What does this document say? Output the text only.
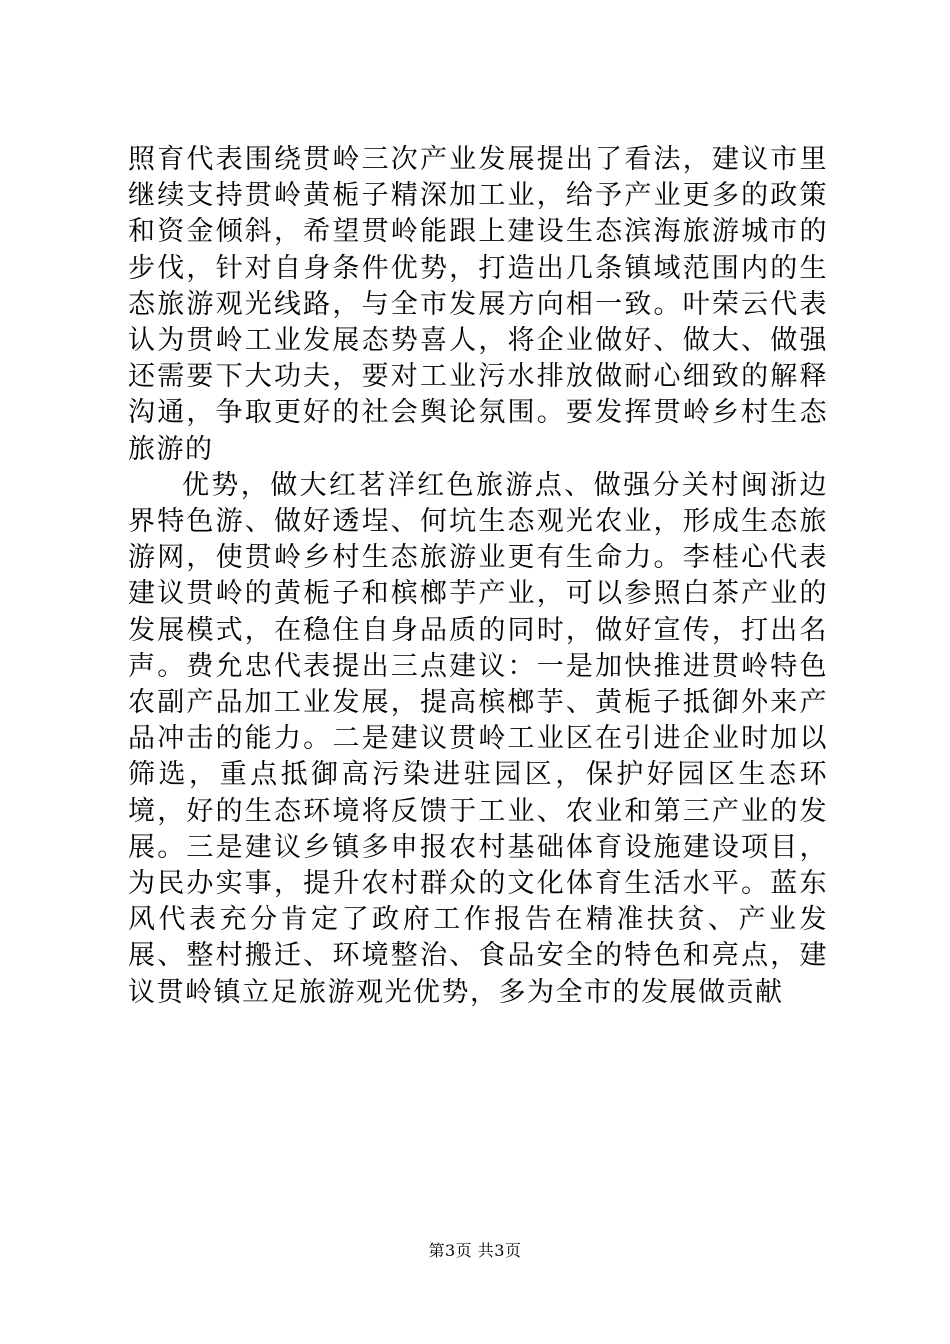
照育代表围绕贯岭三次产业发展提出了看法，建议市里继续支持贯岭黄栀子精深加工业，给予产业更多的政策和资金倾斜，希望贯岭能跟上建设生态滨海旅游城市的步伐，针对自身条件优势，打造出几条镇域范围内的生态旅游观光线路，与全市发展方向相一致。叶荣云代表认为贯岭工业发展态势喜人，将企业做好、做大、做强还需要下大功夫，要对工业污水排放做耐心细致的解释沟通，争取更好的社会舆论氛围。要发挥贯岭乡村生态旅游的

优势，做大红茗洋红色旅游点、做强分关村闽浙边界特色游、做好透埕、何坑生态观光农业，形成生态旅游网，使贯岭乡村生态旅游业更有生命力。李桂心代表建议贯岭的黄栀子和槟榔芋产业，可以参照白茶产业的发展模式，在稳住自身品质的同时，做好宣传，打出名声。费允忠代表提出三点建议：一是加快推进贯岭特色农副产品加工业发展，提高槟榔芋、黄栀子抵御外来产品冲击的能力。二是建议贯岭工业区在引进企业时加以筛选，重点抵御高污染进驻园区，保护好园区生态环境，好的生态环境将反馈于工业、农业和第三产业的发展。三是建议乡镇多申报农村基础体育设施建设项目，为民办实事，提升农村群众的文化体育生活水平。蓝东风代表充分肯定了政府工作报告在精准扶贫、产业发展、整村搬迁、环境整治、食品安全的特色和亮点，建议贯岭镇立足旅游观光优势，多为全市的发展做贡献

第3页 共3页
